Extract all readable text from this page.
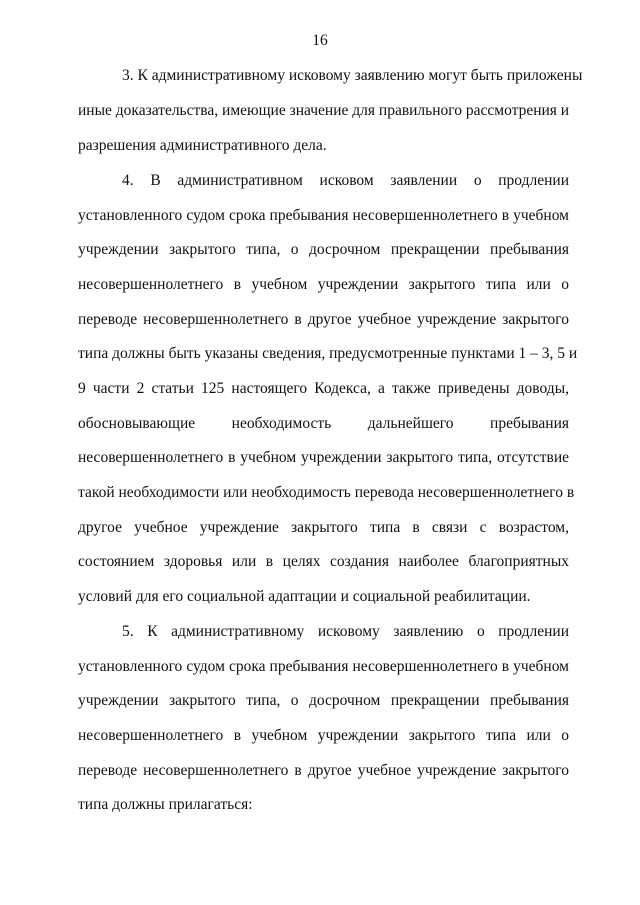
16
3. К административному исковому заявлению могут быть приложены
иные доказательства, имеющие значение для правильного рассмотрения и
разрешения административного дела.
4. В административном исковом заявлении о продлении
установленного судом срока пребывания несовершеннолетнего в учебном
учреждении закрытого типа, о досрочном прекращении пребывания
несовершеннолетнего в учебном учреждении закрытого типа или о
переводе несовершеннолетнего в другое учебное учреждение закрытого
типа должны быть указаны сведения, предусмотренные пунктами 1 – 3, 5 и
9 части 2 статьи 125 настоящего Кодекса, а также приведены доводы,
обосновывающие необходимость дальнейшего пребывания
несовершеннолетнего в учебном учреждении закрытого типа, отсутствие
такой необходимости или необходимость перевода несовершеннолетнего в
другое учебное учреждение закрытого типа в связи с возрастом,
состоянием здоровья или в целях создания наиболее благоприятных
условий для его социальной адаптации и социальной реабилитации.
5. К административному исковому заявлению о продлении
установленного судом срока пребывания несовершеннолетнего в учебном
учреждении закрытого типа, о досрочном прекращении пребывания
несовершеннолетнего в учебном учреждении закрытого типа или о
переводе несовершеннолетнего в другое учебное учреждение закрытого
типа должны прилагаться:
